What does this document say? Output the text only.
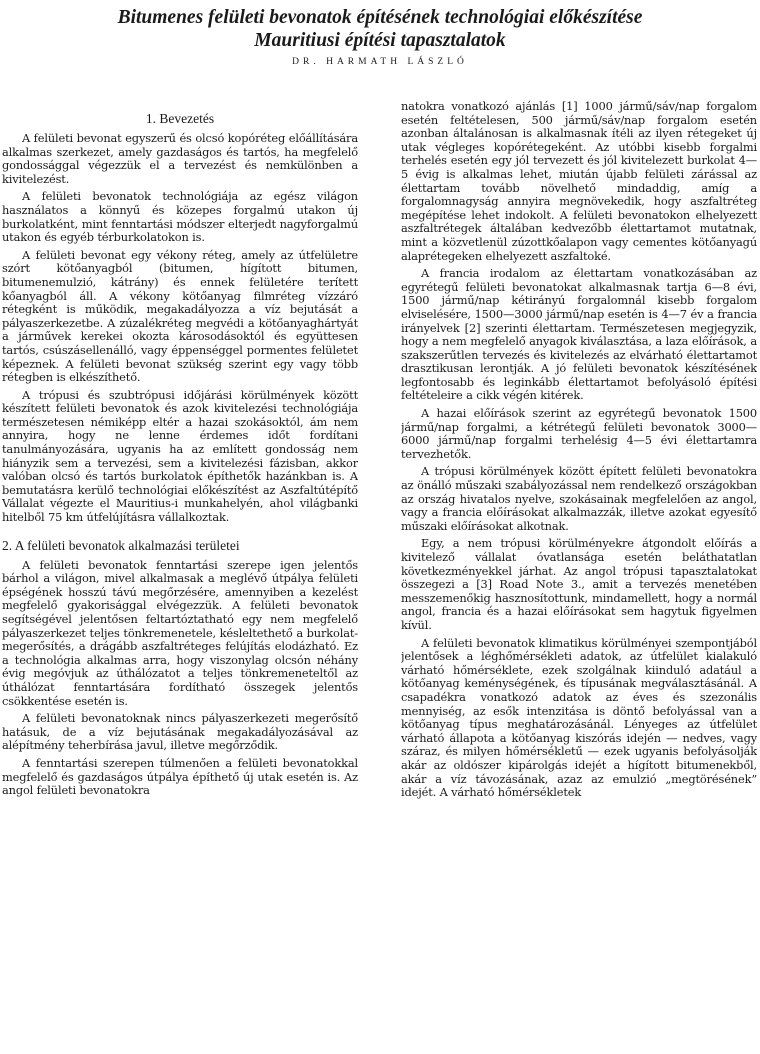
Bitumenes felületi bevonatok építésének technológiai előkészítése
Mauritiusi építési tapasztalatok
DR. HARMATH LÁSZLÓ
1. Bevezetés

A felületi bevonat egyszerű és olcsó kopóréteg előállítására alkalmas szerkezet, amely gazdaságos és tartós, ha megfelelő gondossággal végezzük el a tervezést és nemkülönben a kivitelezést.

A felületi bevonatok technológiája az egész világon használatos a könnyű és közepes forgalmú utakon új burkolatként, mint fenntartási módszer elterjedt nagyforgalmú utakon és egyéb térburkolatokon is.

A felületi bevonat egy vékony réteg, amely az útfelületre szórt kötőanyagból (bitumen, hígított bitumen, bitumenemulzió, kátrány) és ennek felületére terített kőanyagból áll. A vékony kötőanyag filmréteg vízzáró rétegként is működik, megakadályozza a víz bejutását a pályaszerkezetbe. A zúzalékréteg megvédi a kötőanyaghártyát a járművek kerekei okozta károsodásoktól és együttesen tartós, csúszásellenálló, vagy éppenséggel pormentes felületet képeznek. A felületi bevonat szükség szerint egy vagy több rétegben is elkészíthető.

A trópusi és szubtrópusi időjárási körülmények között készített felületi bevonatok és azok kivitelezési technológiája természetesen némiképp eltér a hazai szokásoktól, ám nem annyira, hogy ne lenne érdemes időt fordítani tanulmányozására, ugyanis ha az említett gondosság nem hiányzik sem a tervezési, sem a kivitelezési fázisban, akkor valóban olcsó és tartós burkolatok építhetők hazánkban is. A bemutatásra kerülő technológiai előkészítést az Aszfaltútépítő Vállalat végezte el Mauritius-i munkahelyén, ahol világbanki hitelből 75 km útfelújításra vállalkoztak.

2. A felületi bevonatok alkalmazási területei

A felületi bevonatok fenntartási szerepe igen jelentős bárhol a világon, mivel alkalmasak a meglévő útpálya felületi épségének hosszú távú megőrzésére, amennyiben a kezelést megfelelő gyakorisággal elvégezzük. A felületi bevonatok segítségével jelentősen feltartóztatható egy nem megfelelő pályaszerkezet teljes tönkremenetele, késleltethető a burkolat-megerősítés, a drágább aszfaltréteges felújítás elodázható. Ez a technológia alkalmas arra, hogy viszonylag olcsón néhány évig megóvjuk az úthálózatot a teljes tönkremeneteltől az úthálózat fenntartására fordítható összegek jelentős csökkentése esetén is.

A felületi bevonatoknak nincs pályaszerkezeti megerősítő hatásuk, de a víz bejutásának megakadályozásával az alépítmény teherbírása javul, illetve megőrződik.

A fenntartási szerepen túlmenően a felületi bevonatokkal megfelelő és gazdaságos útpálya építhető új utak esetén is. Az angol felületi bevonatokra

natokra vonatkozó ajánlás [1] 1000 jármű/sáv/nap forgalom esetén feltételesen, 500 jármű/sáv/nap forgalom esetén azonban általánosan is alkalmasnak ítéli az ilyen rétegeket új utak végleges kopórétegeként. Az utóbbi kisebb forgalmi terhelés esetén egy jól tervezett és jól kivitelezett burkolat 4—5 évig is alkalmas lehet, miután újabb felületi zárással az élettartam tovább növelhető mindaddig, amíg a forgalomnagyság annyira megnövekedik, hogy aszfaltréteg megépítése lehet indokolt. A felületi bevonatokon elhelyezett aszfaltrétegek általában kedvezőbb élettartamot mutatnak, mint a közvetlenül zúzottkőalapon vagy cementes kötőanyagú alaprétegeken elhelyezett aszfaltoké.

A francia irodalom az élettartam vonatkozásában az egyrétegű felületi bevonatokat alkalmasnak tartja 6—8 évi, 1500 jármű/nap kétirányú forgalomnál kisebb forgalom elviselésére, 1500—3000 jármű/nap esetén is 4—7 év a francia irányelvek [2] szerinti élettartam. Természetesen megjegyzik, hogy a nem megfelelő anyagok kiválasztása, a laza előírások, a szakszerűtlen tervezés és kivitelezés az elvárható élettartamot drasztikusan lerontják. A jó felületi bevonatok készítésének legfontosabb és leginkább élettartamot befolyásoló építési feltételeire a cikk végén kitérek.

A hazai előírások szerint az egyrétegű bevonatok 1500 jármű/nap forgalmi, a kétrétegű felületi bevonatok 3000—6000 jármű/nap forgalmi terhelésig 4—5 évi élettartamra tervezhetők.

A trópusi körülmények között épített felületi bevonatokra az önálló műszaki szabályozással nem rendelkező országokban az ország hivatalos nyelve, szokásainak megfelelően az angol, vagy a francia előírásokat alkalmazzák, illetve azokat egyesítő műszaki előírásokat alkotnak.

Egy, a nem trópusi körülményekre átgondolt előírás a kivitelező vállalat óvatlansága esetén beláthatatlan következményekkel járhat. Az angol trópusi tapasztalatokat összegezi a [3] Road Note 3., amit a tervezés menetében messzemenőkig hasznosítottunk, mindamellett, hogy a normál angol, francia és a hazai előírásokat sem hagytuk figyelmen kívül.

A felületi bevonatok klimatikus körülményei szempontjából jelentősek a léghőmérsékleti adatok, az útfelület kialakuló várható hőmérséklete, ezek szolgálnak kiinduló adatául a kötőanyag keménységének, és típusának megválasztásánál. A csapadékra vonatkozó adatok az éves és szezonális mennyiség, az esők intenzitása is döntő befolyással van a kötőanyag típus meghatározásánál. Lényeges az útfelület várható állapota a kötőanyag kiszórás idején — nedves, vagy száraz, és milyen hőmérsékletű — ezek ugyanis befolyásolják akár az oldószer kipárolgás idejét a hígított bitumenekből, akár a víz távozásának, azaz az emulzió „megtörésének” idejét. A várható hőmérsékletek
